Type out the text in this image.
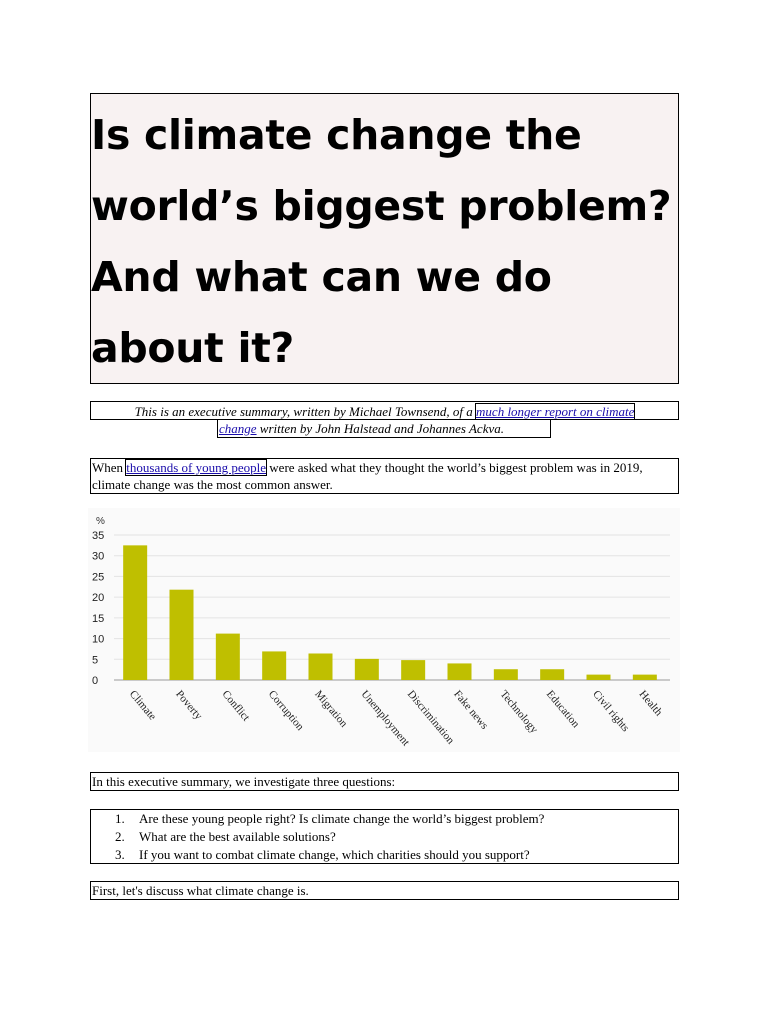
Is climate change the world’s biggest problem? And what can we do about it?
This is an executive summary, written by Michael Townsend, of a much longer report on climate
change written by John Halstead and Johannes Ackva.
When thousands of young people were asked what they thought the world’s biggest problem was in 2019, climate change was the most common answer.
%
0
5
10
15
20
25
30
35
Climate Poverty Conflict Corruption Migration Unemployment
Discrimination
Fake news Technology Education Civil rights Health
In this executive summary, we investigate three questions:
1. Are these young people right? Is climate change the world’s biggest problem?
2. What are the best available solutions?
3. If you want to combat climate change, which charities should you support?
First, let's discuss what climate change is.
